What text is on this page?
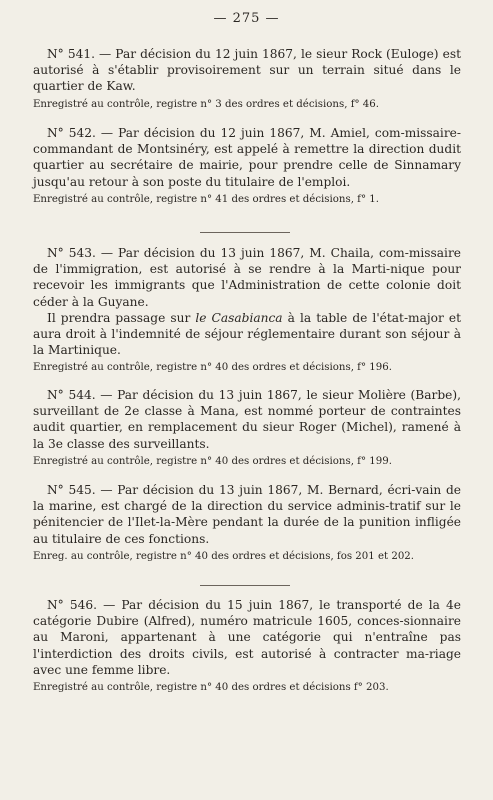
— 275 —

N° 541. — Par décision du 12 juin 1867, le sieur Rock (Euloge) est autorisé à s'établir provisoirement sur un terrain situé dans le quartier de Kaw.

Enregistré au contrôle, registre n° 3 des ordres et décisions, f° 46.

N° 542. — Par décision du 12 juin 1867, M. Amiel, com-missaire-commandant de Montsinéry, est appelé à remettre la direction dudit quartier au secrétaire de mairie, pour prendre celle de Sinnamary jusqu'au retour à son poste du titulaire de l'emploi.

Enregistré au contrôle, registre n° 41 des ordres et décisions, f° 1.

N° 543. — Par décision du 13 juin 1867, M. Chaila, com-missaire de l'immigration, est autorisé à se rendre à la Marti-nique pour recevoir les immigrants que l'Administration de cette colonie doit céder à la Guyane.

Il prendra passage sur le Casabianca à la table de l'état-major et aura droit à l'indemnité de séjour réglementaire durant son séjour à la Martinique.

Enregistré au contrôle, registre n° 40 des ordres et décisions, f° 196.

N° 544. — Par décision du 13 juin 1867, le sieur Molière (Barbe), surveillant de 2e classe à Mana, est nommé porteur de contraintes audit quartier, en remplacement du sieur Roger (Michel), ramené à la 3e classe des surveillants.

Enregistré au contrôle, registre n° 40 des ordres et décisions, f° 199.

N° 545. — Par décision du 13 juin 1867, M. Bernard, écri-vain de la marine, est chargé de la direction du service adminis-tratif sur le pénitencier de l'Ilet-la-Mère pendant la durée de la punition infligée au titulaire de ces fonctions.

Enreg. au contrôle, registre n° 40 des ordres et décisions, fos 201 et 202.

N° 546. — Par décision du 15 juin 1867, le transporté de la 4e catégorie Dubire (Alfred), numéro matricule 1605, conces-sionnaire au Maroni, appartenant à une catégorie qui n'entraîne pas l'interdiction des droits civils, est autorisé à contracter ma-riage avec une femme libre.

Enregistré au contrôle, registre n° 40 des ordres et décisions f° 203.
